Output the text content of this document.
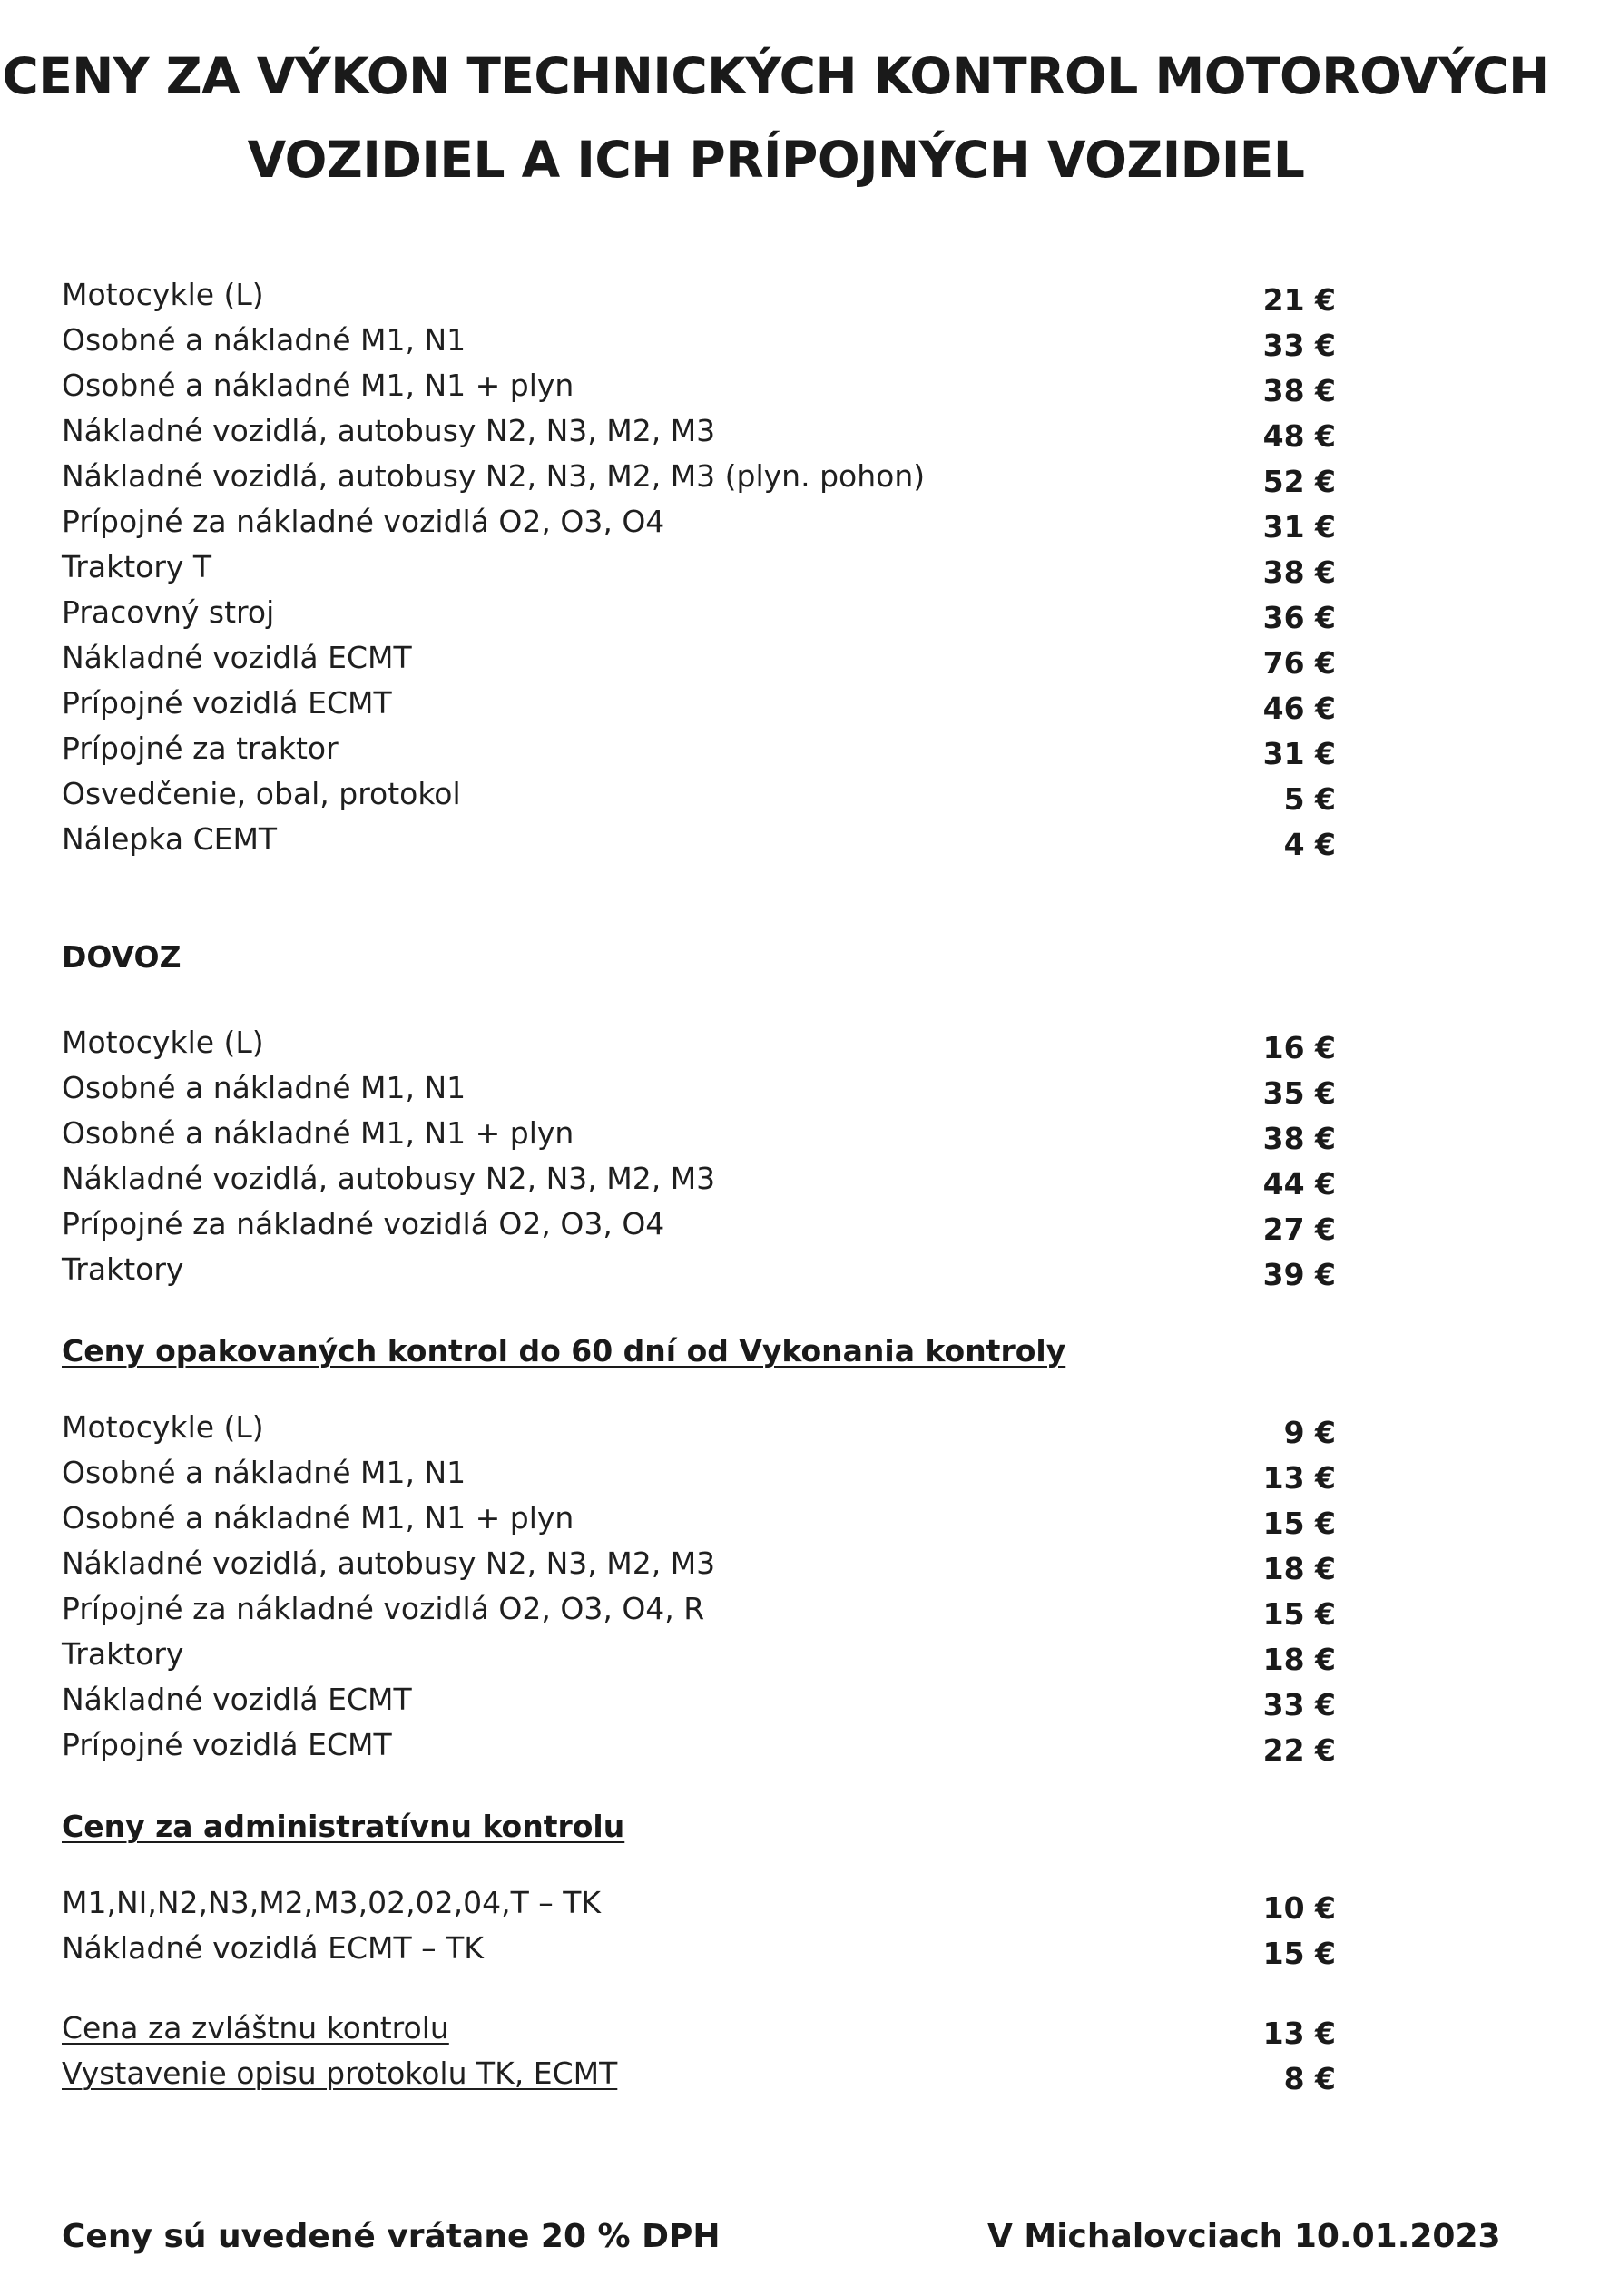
CENY ZA VÝKON TECHNICKÝCH KONTROL MOTOROVÝCH
VOZIDIEL A ICH PRÍPOJNÝCH VOZIDIEL
Motocykle (L)	21 €
Osobné a nákladné M1, N1	33 €
Osobné a nákladné M1, N1 + plyn	38 €
Nákladné vozidlá, autobusy N2, N3, M2, M3	48 €
Nákladné vozidlá, autobusy N2, N3, M2, M3 (plyn. pohon)	52 €
Prípojné za nákladné vozidlá O2, O3, O4	31 €
Traktory T	38 €
Pracovný stroj	36 €
Nákladné vozidlá ECMT	76 €
Prípojné vozidlá ECMT	46 €
Prípojné za traktor	31 €
Osvedčenie, obal, protokol	5 €
Nálepka CEMT	4 €
DOVOZ
Motocykle (L)	16 €
Osobné a nákladné M1, N1	35 €
Osobné a nákladné M1, N1 + plyn	38 €
Nákladné vozidlá, autobusy N2, N3, M2, M3	44 €
Prípojné za nákladné vozidlá O2, O3, O4	27 €
Traktory	39 €
Ceny opakovaných kontrol do 60 dní od Vykonania kontroly
Motocykle (L)	9 €
Osobné a nákladné M1, N1	13 €
Osobné a nákladné M1, N1 + plyn	15 €
Nákladné vozidlá, autobusy N2, N3, M2, M3	18 €
Prípojné za nákladné vozidlá O2, O3, O4, R	15 €
Traktory	18 €
Nákladné vozidlá ECMT	33 €
Prípojné vozidlá ECMT	22 €
Ceny za administratívnu kontrolu
M1,NI,N2,N3,M2,M3,02,02,04,T – TK	10 €
Nákladné vozidlá ECMT – TK	15 €
Cena za zvláštnu kontrolu	13 €
Vystavenie opisu protokolu TK, ECMT	8 €
Ceny sú uvedené vrátane 20 % DPH	V Michalovciach 10.01.2023
